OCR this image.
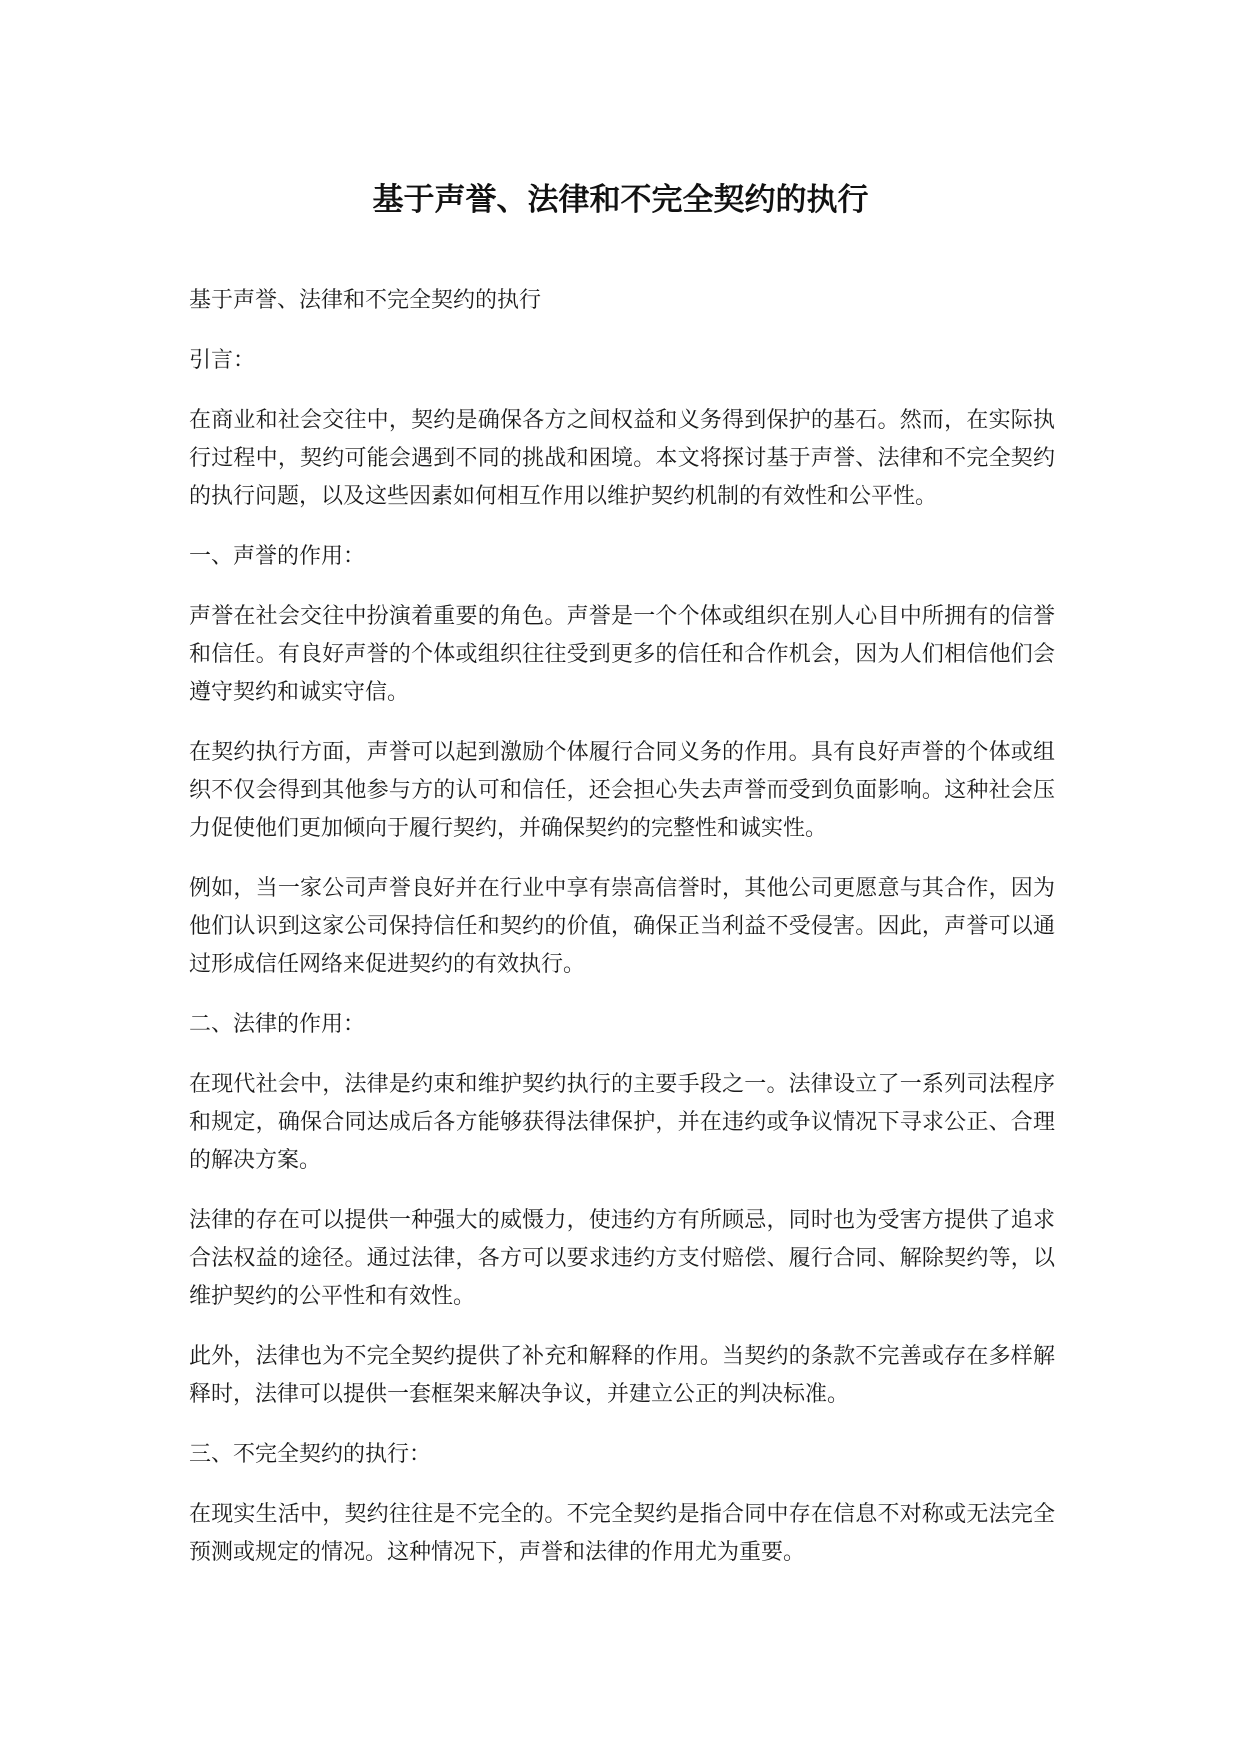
基于声誉、法律和不完全契约的执行

基于声誉、法律和不完全契约的执行

引言：

在商业和社会交往中，契约是确保各方之间权益和义务得到保护的基石。然而，在实际执行过程中，契约可能会遇到不同的挑战和困境。本文将探讨基于声誉、法律和不完全契约的执行问题，以及这些因素如何相互作用以维护契约机制的有效性和公平性。

一、声誉的作用：

声誉在社会交往中扮演着重要的角色。声誉是一个个体或组织在别人心目中所拥有的信誉和信任。有良好声誉的个体或组织往往受到更多的信任和合作机会，因为人们相信他们会遵守契约和诚实守信。

在契约执行方面，声誉可以起到激励个体履行合同义务的作用。具有良好声誉的个体或组织不仅会得到其他参与方的认可和信任，还会担心失去声誉而受到负面影响。这种社会压力促使他们更加倾向于履行契约，并确保契约的完整性和诚实性。

例如，当一家公司声誉良好并在行业中享有崇高信誉时，其他公司更愿意与其合作，因为他们认识到这家公司保持信任和契约的价值，确保正当利益不受侵害。因此，声誉可以通过形成信任网络来促进契约的有效执行。

二、法律的作用：

在现代社会中，法律是约束和维护契约执行的主要手段之一。法律设立了一系列司法程序和规定，确保合同达成后各方能够获得法律保护，并在违约或争议情况下寻求公正、合理的解决方案。

法律的存在可以提供一种强大的威慑力，使违约方有所顾忌，同时也为受害方提供了追求合法权益的途径。通过法律，各方可以要求违约方支付赔偿、履行合同、解除契约等，以维护契约的公平性和有效性。

此外，法律也为不完全契约提供了补充和解释的作用。当契约的条款不完善或存在多样解释时，法律可以提供一套框架来解决争议，并建立公正的判决标准。

三、不完全契约的执行：

在现实生活中，契约往往是不完全的。不完全契约是指合同中存在信息不对称或无法完全预测或规定的情况。这种情况下，声誉和法律的作用尤为重要。
